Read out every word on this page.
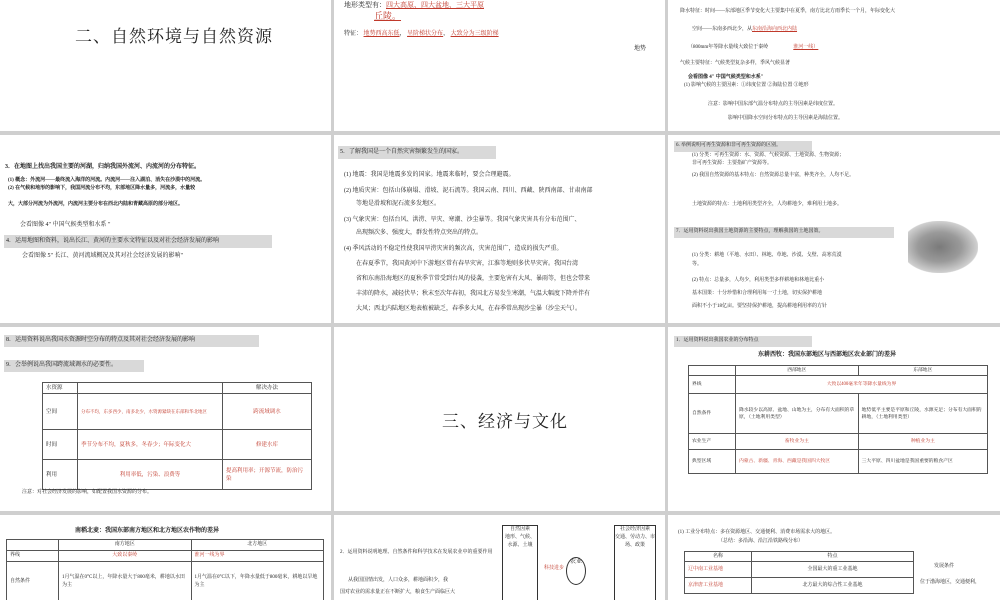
二、自然环境与自然资源
地形类型有：四大高原、四大盆地、三大平原
丘陵。
特征： 地势西高东低， 呈阶梯状分布， 大致分为三级阶梯
地势
降水特征：时间——东部地区季节变化大主要集中在夏季，南方比北方雨季长一个月，年际变化大
空间——东南多西北少，从东南沿海向西北内陆
（800mm年等降水量线大致位于秦岭　　　　　	淮河一线）
气候主要特征：气候类型复杂多样，季风气候显著
会看图像 4" 中国气候类型和水系"
(1) 影响气候的主要因素：①纬度位置 ②海陆位置 ③地形
注意：影响中国东部气温分布特点的主导因素是纬度位置。
影响中国降水空间分布特点的主导因素是海陆位置。
3．在地图上找出我国主要的河湖，归纳我国外流河、内流河的分布特征。
(1) 概念：外流河——最终流入海洋的河流。内流河——注入湖泊、消失在沙漠中的河流。
(2) 在气候和地形的影响下，我国河流分布不均，东部地区降水量多，河流多，水量较
大，大部分河流为外流河，内流河主要分布在西北内陆和青藏高原的部分地区。
会看图像 4" 中国气候类型和水系 "
4．运用地图和资料，说出长江、黄河的主要水文特征以及对社会经济发展的影响
会看图像 5" 长江、黄河流域概况及其对社会经济发展的影响"
5．了解我国是一个自然灾害频繁发生的国家。
(1) 地震：我国是地震多发的国家。地震来临时，要会合理避震。
(2) 地质灾害：包括山体崩塌、滑坡、泥石流等。我国云南、四川、西藏、陕西南部、甘肃南部
等地是滑坡和泥石流多发地区。
(3) 气象灾害：包括台风、洪涝、旱灾、寒潮、沙尘暴等。我国气象灾害具有分布范围广、
出现频次多、强度大，群发性特点突出的特点。
(4) 季风活动的不稳定性使我国旱涝灾害的频次高，灾害范围广，造成的损失严重。
在春夏季节，我国黄河中下游地区常有春旱灾害，江淮等地则多伏旱灾害。我国台湾
省和东南沿海地区的夏秋季节常受到台风的侵袭，主要危害有大风、暴雨等，但也会带来
丰沛的降水，减轻伏旱；秋末至次年春初，我国北方易发生寒潮，气温大幅度下降并伴有
大风；西北内陆地区地表植被缺乏，春季多大风，在春季常出现沙尘暴（沙尘天气）。
6. 举例说明可再生资源和非可再生资源的区别。
(1) 分类：可再生资源：水、资源、气候资源、土地资源、生物资源；
非可再生资源：主要指矿产资源等。
(2) 我国自然资源的基本特点：自然资源总量丰富，种类齐全，人均不足。
土地资源的特点：土地利用类型齐全，人均耕地少，难利用土地多。
7．运用资料说出我国土地资源的主要特点，理解我国的土地国策。
(1) 分类：耕地（平地、水田）、林地、草地、沙漠、戈壁、高寒荒漠
等。
(2) 特点：总量多，人均少，利用类型多样耕地和林地比重小
基本国策：十分珍惜和合理利用每一寸土地，切实保护耕地
面积不小于18亿亩。要坚持保护耕地，提高耕地利用率的方针
8．运用资料说出我国水资源时空分布的特点及其对社会经济发展的影响
9．会举例说出我国跨流域调水的必要性。
水资源		解决办法
空间	分布不均，东多西少，南多北少，水资源紧缺在东部和华北地区	跨流域调水
时间	季节分布不均，夏秋多，冬春少；年际变化大	修建水库
利用	利用率低，污染、浪费等	提高利用率；开源节流，防治污染
注意：对社会经济发展的影响，如配置我国水资源的分布。
三、经济与文化
1．运用资料说出我国农业的分布特点
东耕西牧：我国东部地区与西部地区农业部门的差异
	西部地区	东部地区
界线	大致以400毫米年等降水量线为界	
自然条件	降水较少以高原、盆地、山地为主，分布有大面积的草原，（土地利用类型）	地势低平主要是平原和丘陵，水源充足；分布有大面积的耕地，（土地利用类型）
农业生产	畜牧业为主	种植业为主
典型区域	内蒙古、新疆、青海、西藏是我国四大牧区	三大平原、四川盆地是我国重要的粮食产区
南稻北麦：我国东部南方地区和北方地区农作物的差异
	南方地区	北方地区
界线	大致以秦岭	淮河一线为界
自然条件	1月气温在0°C以上，年降水量大于800毫米，耕地以水田为主	1月气温在0°C以下，年降水量低于800毫米，耕地以旱地为主
2．运用资料说明地理、自然条件和科学技术在发展农业中的重要作用
从我国国情出发，人口众多，耕地面积少，我
国对农业的需求量正在不断扩大，粮食生产面临巨大
自然因素
地形、气候、水源、土壤
科技进步
农业
社会经济因素
交通、劳动力、市场、政策
(1) 工业分布特点：多在资源地区、交通便利、消费市场需求大的地区。
（总结：多沿海、沿江沿铁路线分布）
名称	特点
辽中南工业基地	全国最大的重工业基地
京津唐工业基地	北方最大的综合性工业基地
发展条件
位于渤海地区，交通便利，
